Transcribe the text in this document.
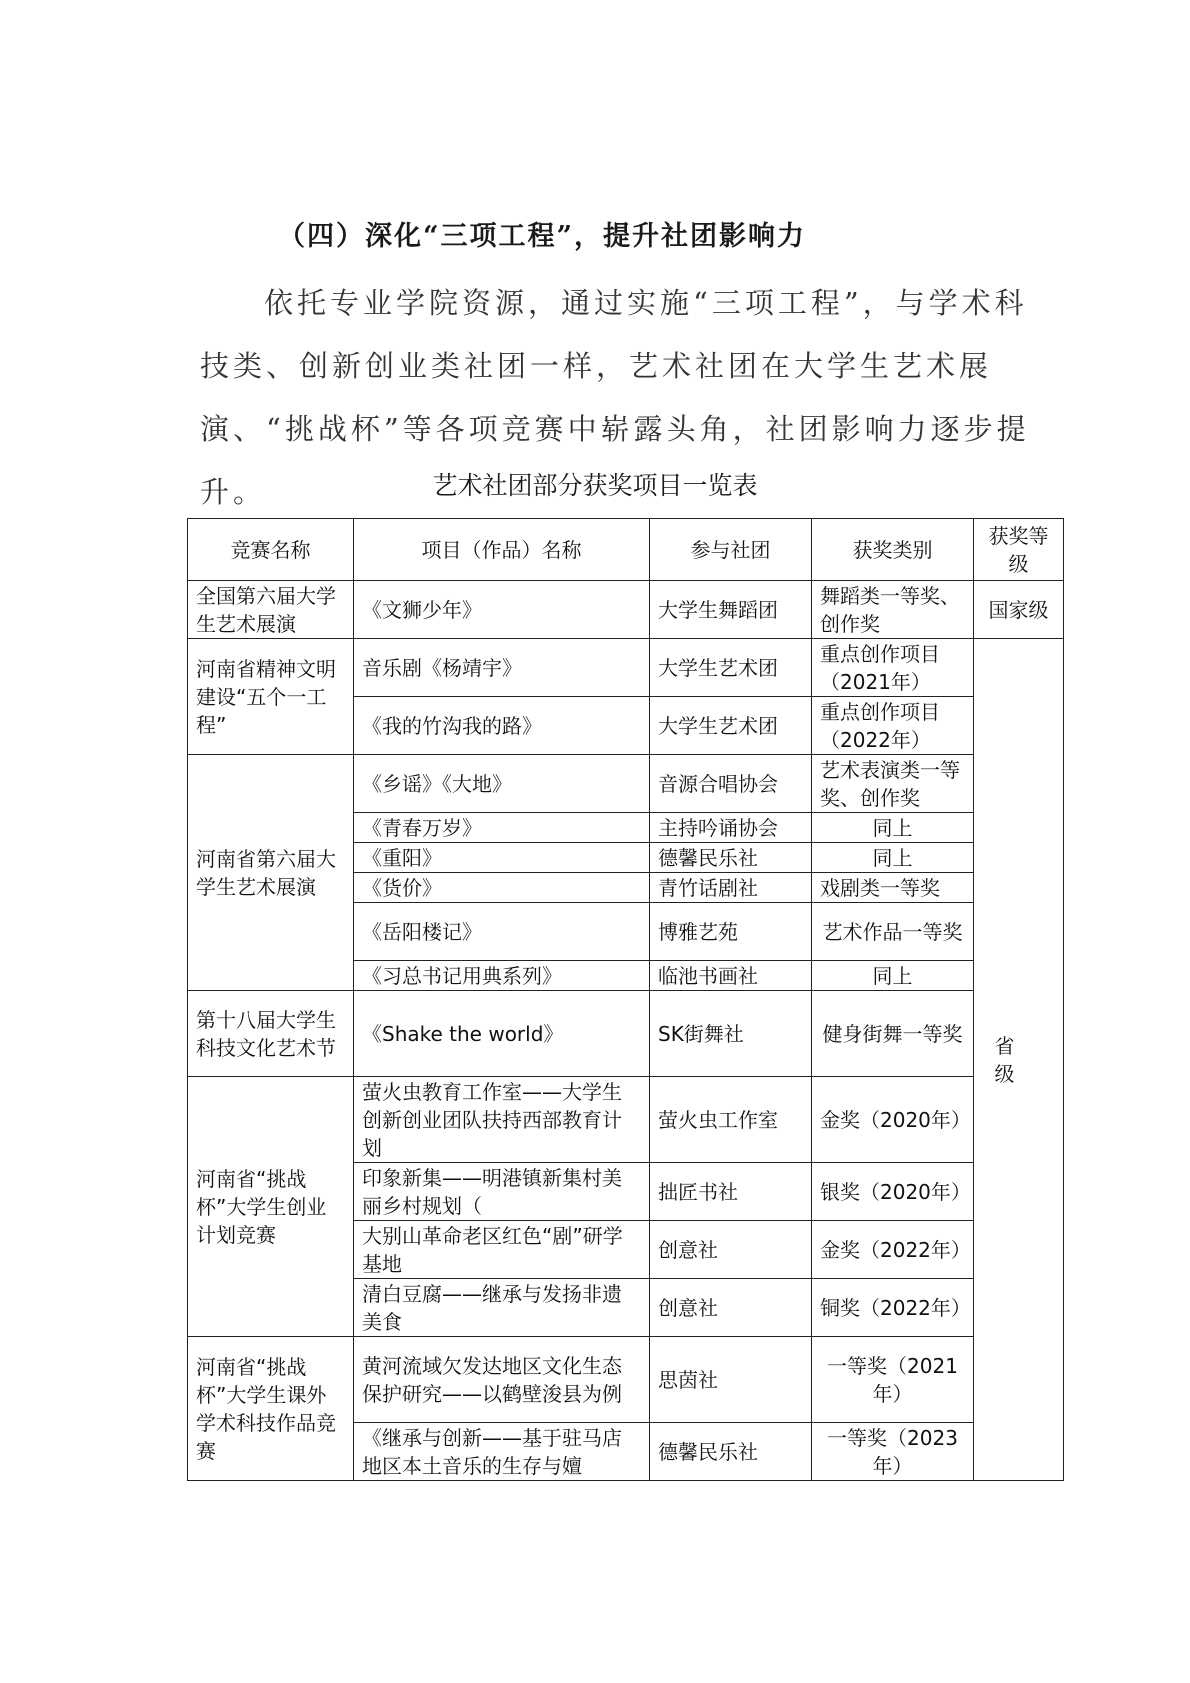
（四）深化“三项工程”，提升社团影响力
依托专业学院资源，通过实施“三项工程”，与学术科技类、创新创业类社团一样，艺术社团在大学生艺术展演、“挑战杯”等各项竞赛中崭露头角，社团影响力逐步提升。	艺术社团部分获奖项目一览表
竞赛名称	项目（作品）名称	参与社团	获奖类别	获奖等级
全国第六届大学生艺术展演	《文狮少年》	大学生舞蹈团	舞蹈类一等奖、创作奖	国家级
河南省精神文明建设“五个一工程”	音乐剧《杨靖宇》	大学生艺术团	重点创作项目（2021年）	省 级
	《我的竹沟我的路》	大学生艺术团	重点创作项目（2022年）	
河南省第六届大学生艺术展演	《乡谣》《大地》	音源合唱协会	艺术表演类一等奖、创作奖	
	《青春万岁》	主持吟诵协会	同上	
	《重阳》	德馨民乐社	同上	
	《货价》	青竹话剧社	戏剧类一等奖	
	《岳阳楼记》	博雅艺苑	艺术作品一等奖	
	《习总书记用典系列》	临池书画社	同上	
第十八届大学生科技文化艺术节	《Shake the world》	SK街舞社	健身街舞一等奖	
河南省“挑战杯”大学生创业计划竞赛	萤火虫教育工作室——大学生创新创业团队扶持西部教育计划	萤火虫工作室	金奖（2020年）	
	印象新集——明港镇新集村美丽乡村规划（	拙匠书社	银奖（2020年）	
	大别山革命老区红色“剧”研学基地	创意社	金奖（2022年）	
	清白豆腐——继承与发扬非遗美食	创意社	铜奖（2022年）	
河南省“挑战杯”大学生课外学术科技作品竞赛	黄河流域欠发达地区文化生态保护研究——以鹤壁浚县为例	思茵社	一等奖（2021年）	
	《继承与创新——基于驻马店地区本土音乐的生存与嬗	德馨民乐社	一等奖（2023年）	
